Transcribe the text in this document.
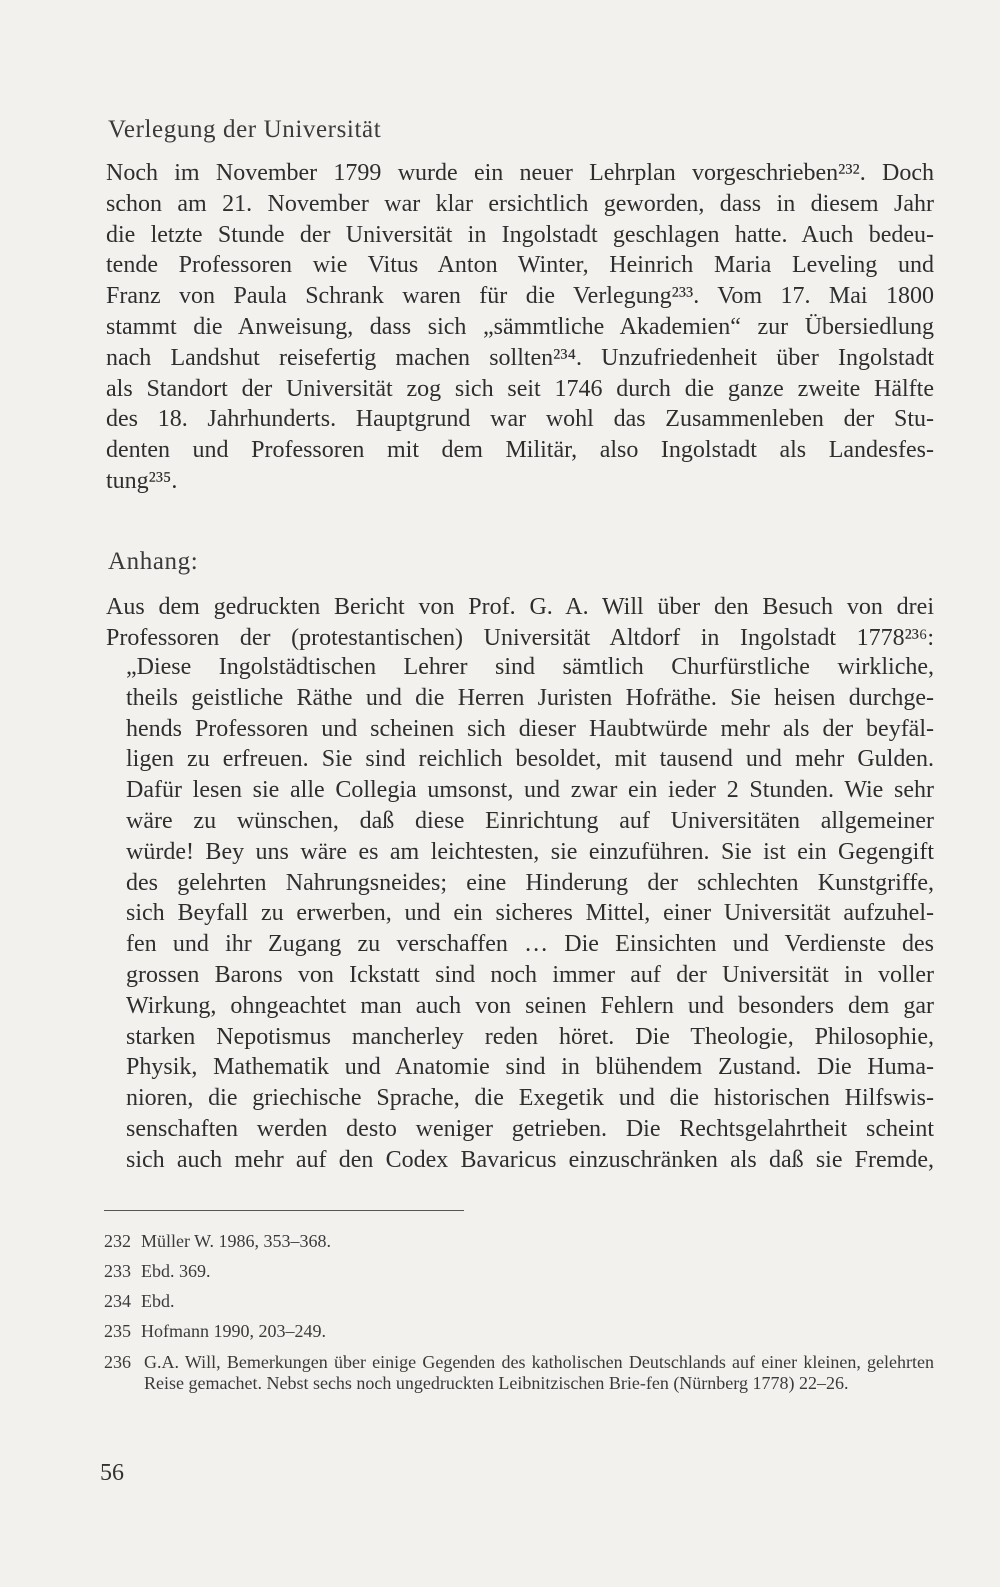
Verlegung der Universität
Noch im November 1799 wurde ein neuer Lehrplan vorgeschrieben²³². Doch
schon am 21. November war klar ersichtlich geworden, dass in diesem Jahr
die letzte Stunde der Universität in Ingolstadt geschlagen hatte. Auch bedeu-
tende Professoren wie Vitus Anton Winter, Heinrich Maria Leveling und
Franz von Paula Schrank waren für die Verlegung²³³. Vom 17. Mai 1800
stammt die Anweisung, dass sich „sämmtliche Akademien“ zur Übersiedlung
nach Landshut reisefertig machen sollten²³⁴. Unzufriedenheit über Ingolstadt
als Standort der Universität zog sich seit 1746 durch die ganze zweite Hälfte
des 18. Jahrhunderts. Hauptgrund war wohl das Zusammenleben der Stu-
denten und Professoren mit dem Militär, also Ingolstadt als Landesfes-
tung²³⁵.
Anhang:
Aus dem gedruckten Bericht von Prof. G. A. Will über den Besuch von drei
Professoren der (protestantischen) Universität Altdorf in Ingolstadt 1778²³⁶:
„Diese Ingolstädtischen Lehrer sind sämtlich Churfürstliche wirkliche,
theils geistliche Räthe und die Herren Juristen Hofräthe. Sie heisen durchge-
hends Professoren und scheinen sich dieser Haubtwürde mehr als der beyfäl-
ligen zu erfreuen. Sie sind reichlich besoldet, mit tausend und mehr Gulden.
Dafür lesen sie alle Collegia umsonst, und zwar ein ieder 2 Stunden. Wie sehr
wäre zu wünschen, daß diese Einrichtung auf Universitäten allgemeiner
würde! Bey uns wäre es am leichtesten, sie einzuführen. Sie ist ein Gegengift
des gelehrten Nahrungsneides; eine Hinderung der schlechten Kunstgriffe,
sich Beyfall zu erwerben, und ein sicheres Mittel, einer Universität aufzuhel-
fen und ihr Zugang zu verschaffen … Die Einsichten und Verdienste des
grossen Barons von Ickstatt sind noch immer auf der Universität in voller
Wirkung, ohngeachtet man auch von seinen Fehlern und besonders dem gar
starken Nepotismus mancherley reden höret. Die Theologie, Philosophie,
Physik, Mathematik und Anatomie sind in blühendem Zustand. Die Huma-
nioren, die griechische Sprache, die Exegetik und die historischen Hilfswis-
senschaften werden desto weniger getrieben. Die Rechtsgelahrtheit scheint
sich auch mehr auf den Codex Bavaricus einzuschränken als daß sie Fremde,
232 Müller W. 1986, 353–368.
233 Ebd. 369.
234 Ebd.
235 Hofmann 1990, 203–249.
236 G.A. Will, Bemerkungen über einige Gegenden des katholischen Deutschlands auf einer kleinen, gelehrten Reise gemachet. Nebst sechs noch ungedruckten Leibnitzischen Brie-fen (Nürnberg 1778) 22–26.
56
